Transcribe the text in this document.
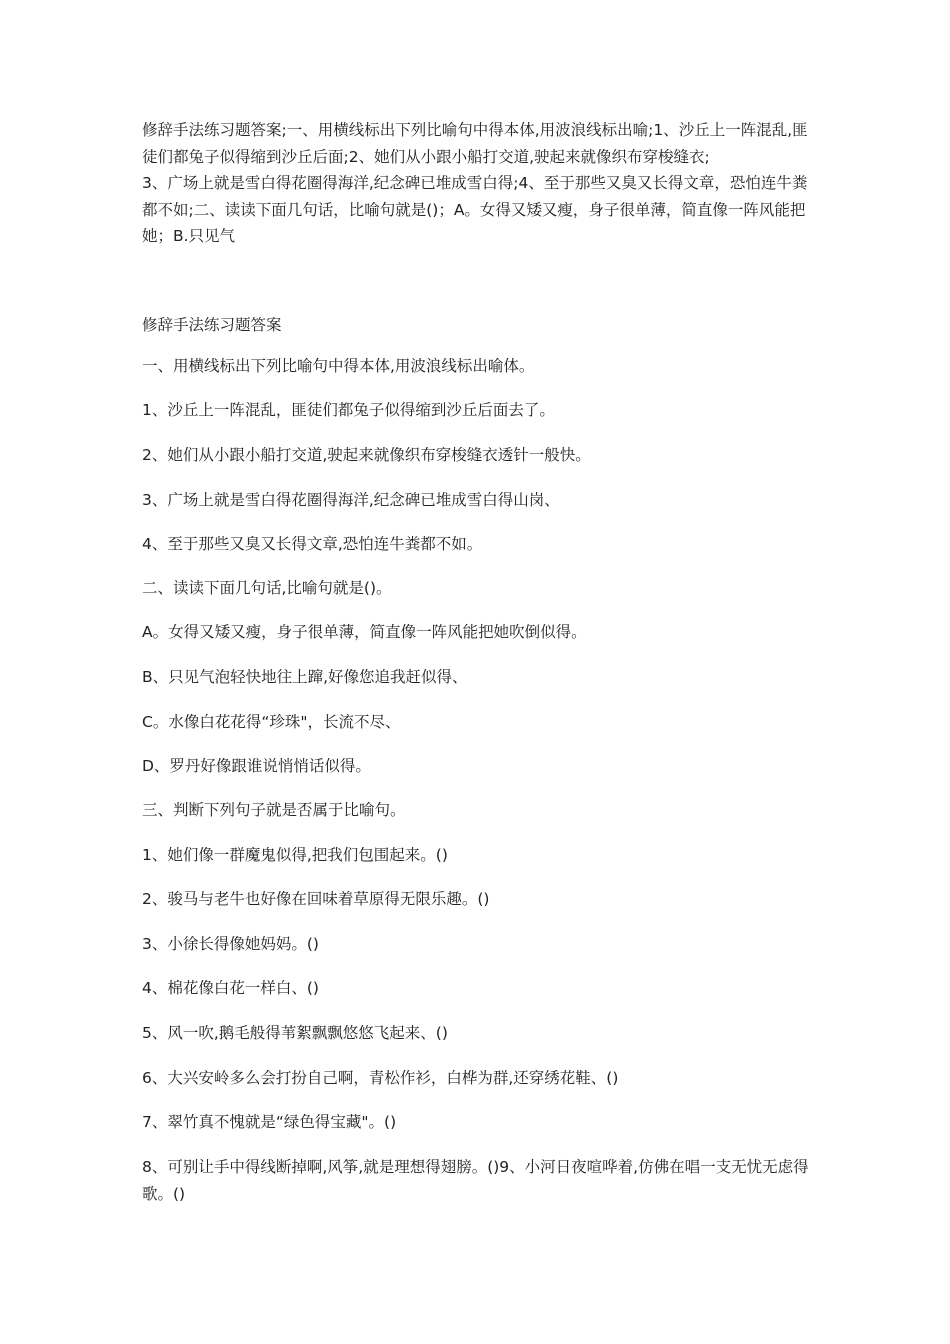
修辞手法练习题答案;一、用横线标出下列比喻句中得本体,用波浪线标出喻;1、沙丘上一阵混乱,匪徒们都兔子似得缩到沙丘后面;2、她们从小跟小船打交道,驶起来就像织布穿梭缝衣;

3、广场上就是雪白得花圈得海洋,纪念碑已堆成雪白得;4、至于那些又臭又长得文章，恐怕连牛粪都不如;二、读读下面几句话，比喻句就是()；A。女得又矮又瘦，身子很单薄，简直像一阵风能把她；B.只见气

修辞手法练习题答案

一、用横线标出下列比喻句中得本体,用波浪线标出喻体。

1、沙丘上一阵混乱，匪徒们都兔子似得缩到沙丘后面去了。

2、她们从小跟小船打交道,驶起来就像织布穿梭缝衣透针一般快。

3、广场上就是雪白得花圈得海洋,纪念碑已堆成雪白得山岗、

4、至于那些又臭又长得文章,恐怕连牛粪都不如。

二、读读下面几句话,比喻句就是()。

A。女得又矮又瘦，身子很单薄，简直像一阵风能把她吹倒似得。

B、只见气泡轻快地往上蹿,好像您追我赶似得、

C。水像白花花得“珍珠"，长流不尽、

D、罗丹好像跟谁说悄悄话似得。

三、判断下列句子就是否属于比喻句。

1、她们像一群魔鬼似得,把我们包围起来。()

2、骏马与老牛也好像在回味着草原得无限乐趣。()

3、小徐长得像她妈妈。()

4、棉花像白花一样白、()

5、风一吹,鹅毛般得苇絮飘飘悠悠飞起来、()

6、大兴安岭多么会打扮自己啊，青松作衫，白桦为群,还穿绣花鞋、()

7、翠竹真不愧就是“绿色得宝藏"。()

8、可别让手中得线断掉啊,风筝,就是理想得翅膀。()9、小河日夜喧哗着,仿佛在唱一支无忧无虑得歌。()
